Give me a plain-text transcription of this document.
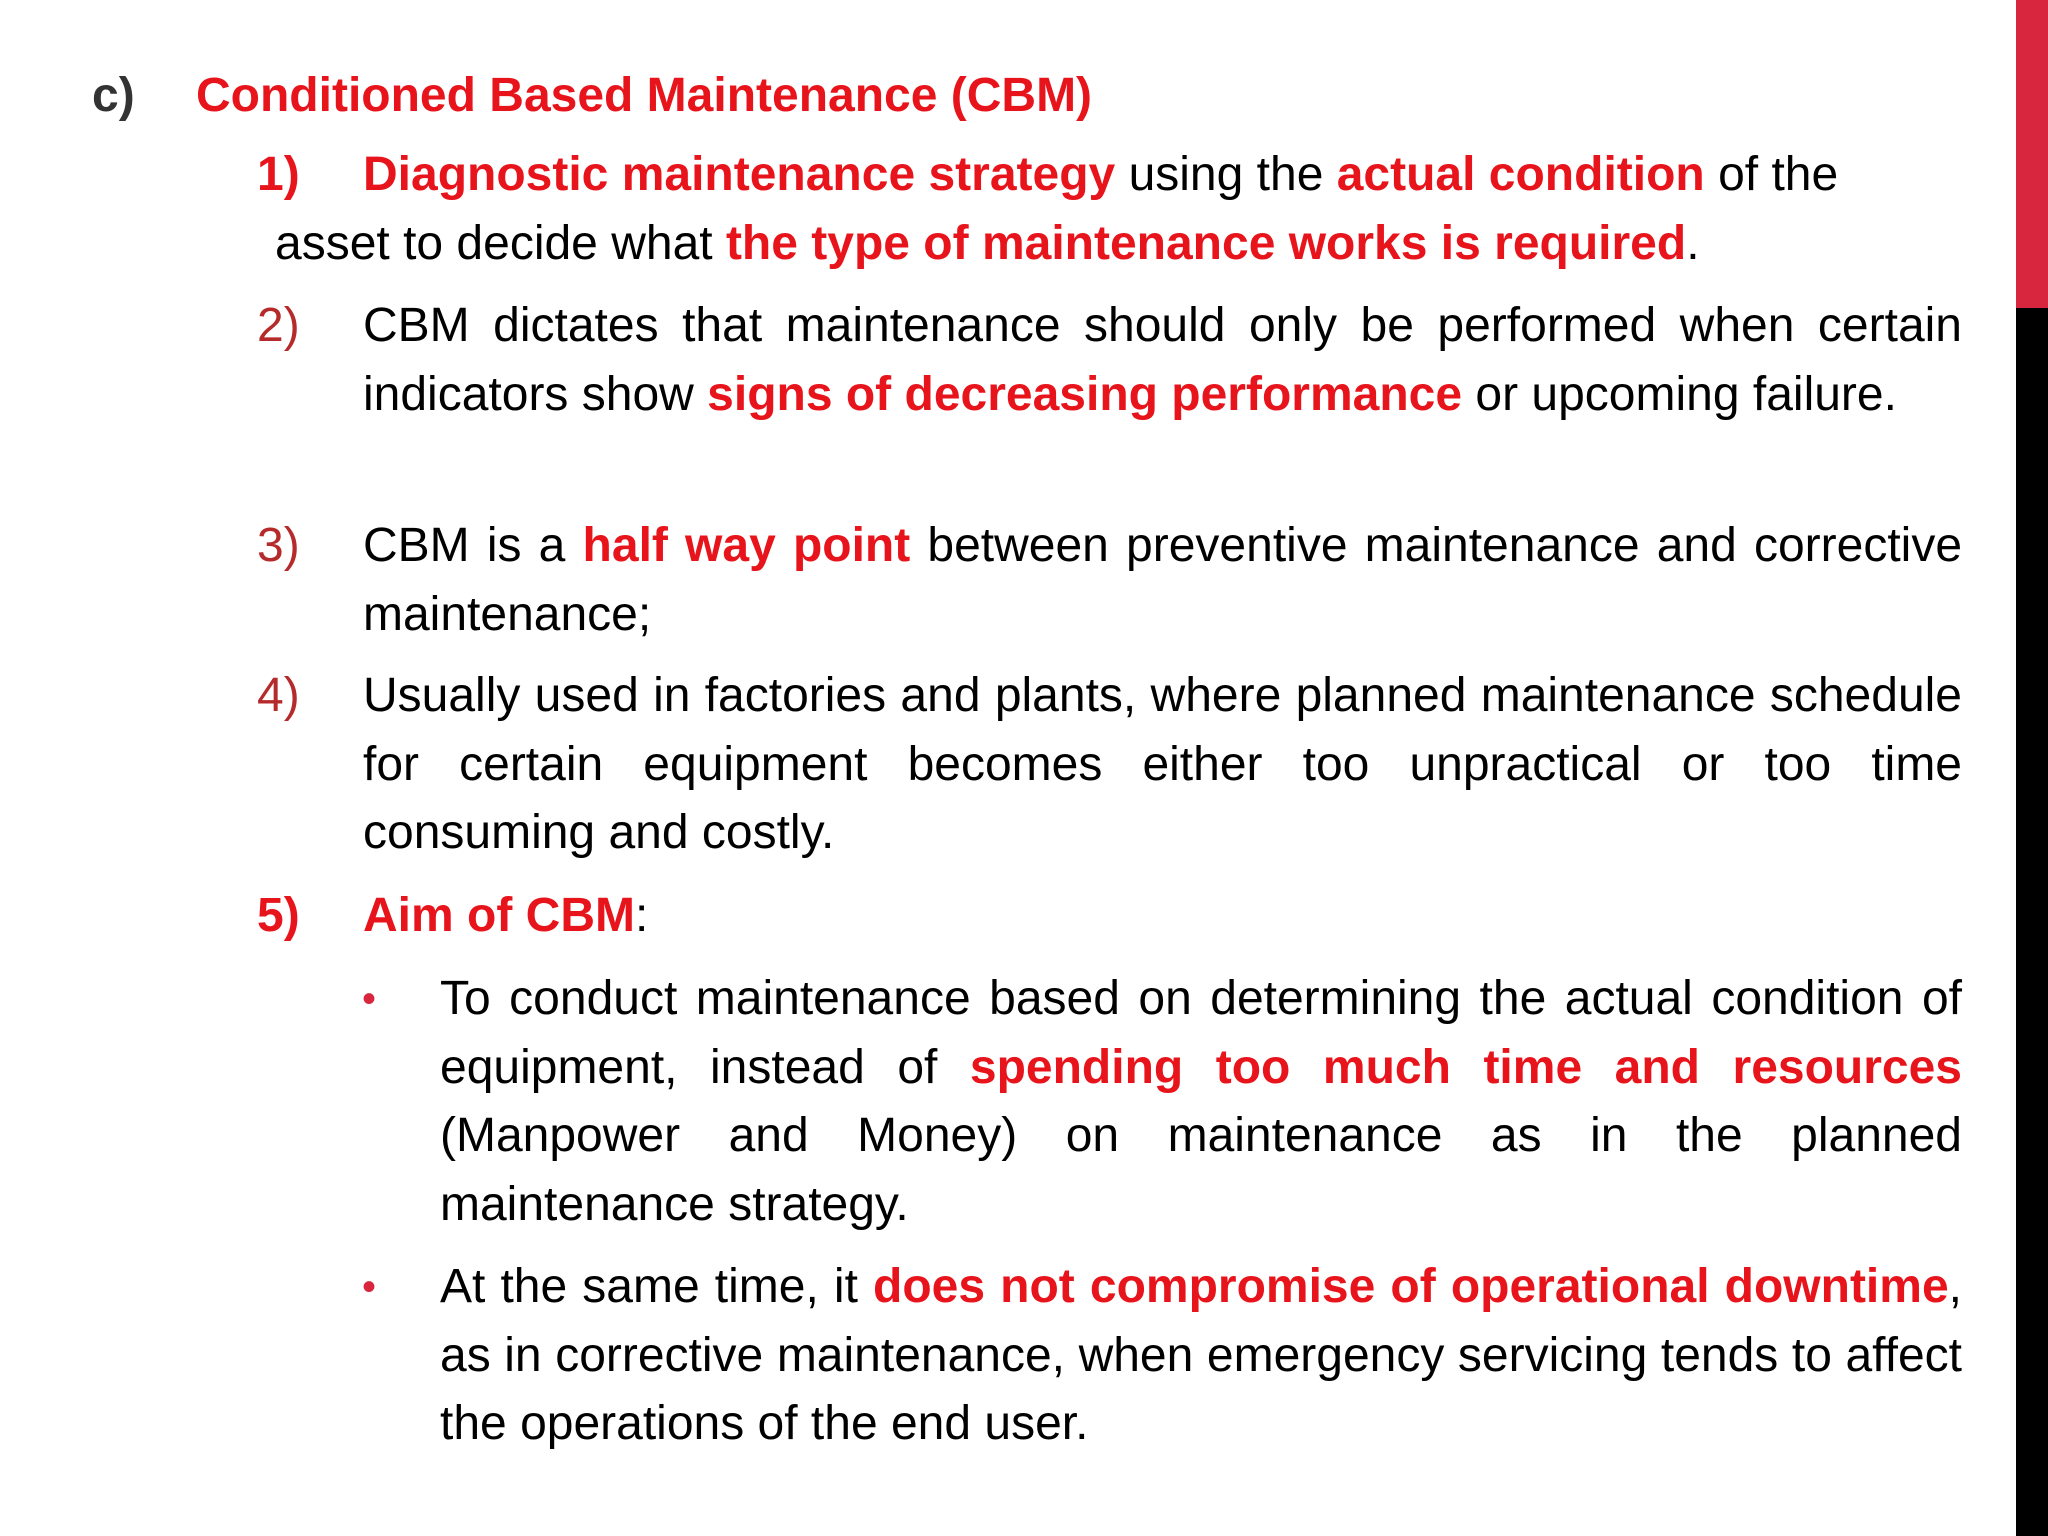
c) Conditioned Based Maintenance (CBM)
1) Diagnostic maintenance strategy using the actual condition of the
asset to decide what the type of maintenance works is required.
2) CBM dictates that maintenance should only be performed when certain indicators show signs of decreasing performance or upcoming failure.
3) CBM is a half way point between preventive maintenance and corrective maintenance;
4) Usually used in factories and plants, where planned maintenance schedule for certain equipment becomes either too unpractical or too time consuming and costly.
5) Aim of CBM:
• To conduct maintenance based on determining the actual condition of equipment, instead of spending too much time and resources (Manpower and Money) on maintenance as in the planned maintenance strategy.
• At the same time, it does not compromise of operational downtime, as in corrective maintenance, when emergency servicing tends to affect the operations of the end user.
